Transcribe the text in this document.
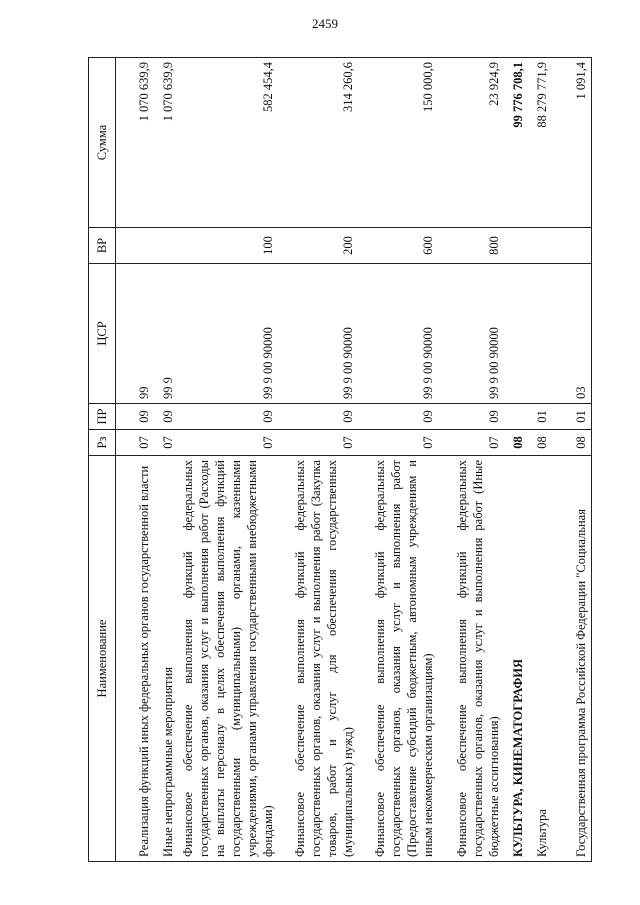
2459
Наименование	Рз	ПР	ЦСР	ВР	Сумма
Реализация функций иных федеральных органов государственной власти	07	09	99		1 070 639,9
Иные непрограммные мероприятия	07	09	99 9		1 070 639,9
Финансовое обеспечение выполнения функций федеральных государственных органов, оказания услуг и выполнения работ (Расходы на выплаты персоналу в целях обеспечения выполнения функций государственными (муниципальными) органами, казенными учреждениями, органами управления государственными внебюджетными фондами)	07	09	99 9 00 90000	100	582 454,4
Финансовое обеспечение выполнения функций федеральных государственных органов, оказания услуг и выполнения работ (Закупка товаров, работ и услуг для обеспечения государственных (муниципальных) нужд)	07	09	99 9 00 90000	200	314 260,6
Финансовое обеспечение выполнения функций федеральных государственных органов, оказания услуг и выполнения работ (Предоставление субсидий бюджетным, автономным учреждениям и иным некоммерческим организациям)	07	09	99 9 00 90000	600	150 000,0
Финансовое обеспечение выполнения функций федеральных государственных органов, оказания услуг и выполнения работ (Иные бюджетные ассигнования)	07	09	99 9 00 90000	800	23 924,9
КУЛЬТУРА, КИНЕМАТОГРАФИЯ	08				99 776 708,1
Культура	08	01			88 279 771,9
Государственная программа Российской Федерации "Социальная	08	01	03		1 091,4
